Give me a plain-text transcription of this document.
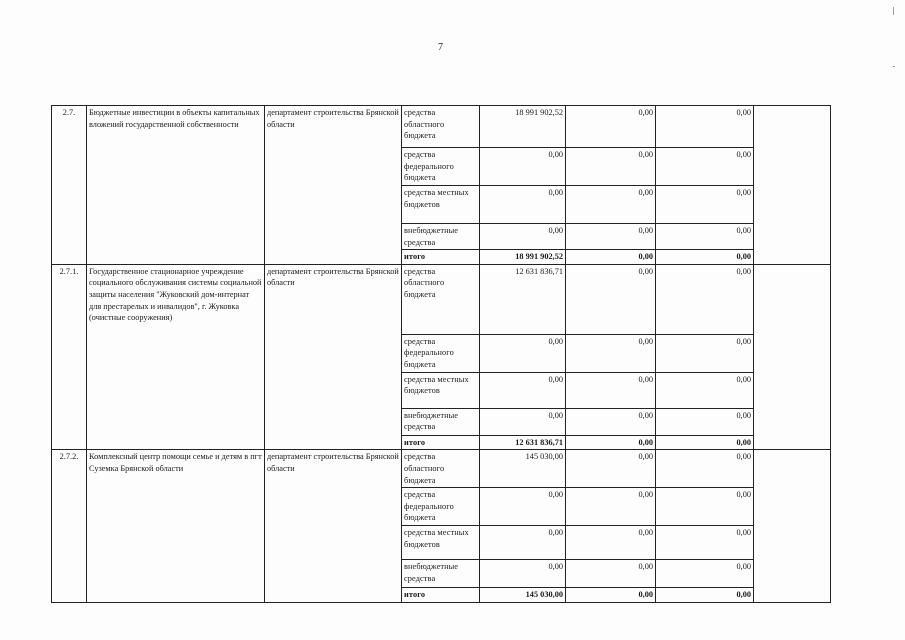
7
2.7.	Бюджетные инвестиции в объекты капитальных вложений государственной собственности	департамент строительства Брянской области	средства областного бюджета	18 991 902,52	0,00	0,00	
			средства федерального бюджета	0,00	0,00	0,00	
			средства местных бюджетов	0,00	0,00	0,00	
			внебюджетные средства	0,00	0,00	0,00	
			итого	18 991 902,52	0,00	0,00	
2.7.1.	Государственное стационарное учреждение социального обслуживания системы социальной защиты населения "Жуковский дом-интернат для престарелых и инвалидов", г. Жуковка (очистные сооружения)	департамент строительства Брянской области	средства областного бюджета	12 631 836,71	0,00	0,00	
			средства федерального бюджета	0,00	0,00	0,00	
			средства местных бюджетов	0,00	0,00	0,00	
			внебюджетные средства	0,00	0,00	0,00	
			итого	12 631 836,71	0,00	0,00	
2.7.2.	Комплексный центр помощи семье и детям в пгт Суземка Брянской области	департамент строительства Брянской области	средства областного бюджета	145 030,00	0,00	0,00	
			средства федерального бюджета	0,00	0,00	0,00	
			средства местных бюджетов	0,00	0,00	0,00	
			внебюджетные средства	0,00	0,00	0,00	
			итого	145 030,00	0,00	0,00	
